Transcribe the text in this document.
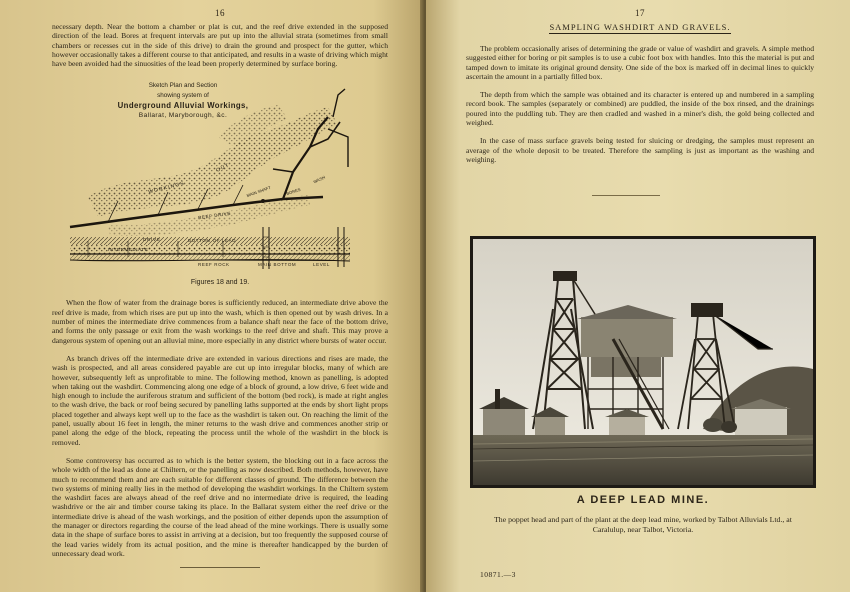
16

necessary depth. Near the bottom a chamber or plat is cut, and the reef drive extended in the supposed direction of the lead. Bores at frequent intervals are put up into the alluvial strata (sometimes from small chambers or recesses cut in the side of this drive) to drain the ground and prospect for the gutter, which however occasionally takes a different course to that anticipated, and results in a waste of driving which might have been avoided had the sinuosities of the lead been properly determined by surface boring.

Sketch Plan and Section
showing system of
Underground Alluvial Workings,
Ballarat, Maryborough, &c.
WORKINGS
OUT
REEF DRIVE
MAIN SHAFT	BORES
WASH
DRIVE	BOTTOM OF LEAD
INTERMEDIATE
REEF ROCK	MAIN BOTTOM	LEVEL
Figures 18 and 19.

When the flow of water from the drainage bores is sufficiently reduced, an intermediate drive above the reef drive is made, from which rises are put up into the wash, which is then opened out by wash drives. In a number of mines the intermediate drive commences from a balance shaft near the face of the bottom drive, and forms the only passage or exit from the wash workings to the reef drive and shaft. This may prove a dangerous system of opening out an alluvial mine, more especially in any district where bursts of water occur.

As branch drives off the intermediate drive are extended in various directions and rises are made, the wash is prospected, and all areas considered payable are cut up into irregular blocks, many of which are however, subsequently left as unprofitable to mine. The following method, known as panelling, is adopted when taking out the washdirt. Commencing along one edge of a block of ground, a low drive, 6 feet wide and high enough to include the auriferous stratum and sufficient of the bottom (bed rock), is made at right angles to the wash drive, the back or roof being secured by panelling laths supported at the ends by short light props placed together and always kept well up to the face as the washdirt is taken out. On reaching the limit of the panel, usually about 16 feet in length, the miner returns to the wash drive and commences another strip or panel along the edge of the block, repeating the process until the whole of the washdirt in the block is removed.

Some controversy has occurred as to which is the better system, the blocking out in a face across the whole width of the lead as done at Chiltern, or the panelling as now described. Both methods, however, have much to recommend them and are each suitable for different classes of ground. The difference between the two systems of mining really lies in the method of developing the washdirt workings. In the Chiltern system the washdirt faces are always ahead of the reef drive and no intermediate drive is required, the leading washdrive or the air and timber course taking its place. In the Ballarat system either the reef drive or the intermediate drive is ahead of the wash workings, and the position of either depends upon the assumption of the manager or directors regarding the course of the lead ahead of the mine workings. There is usually some data in the shape of surface bores to assist in arriving at a decision, but too frequently the supposed course of the lead varies widely from its actual position, and the mine is thereafter handicapped by the burden of unnecessary dead work.

17
SAMPLING WASHDIRT AND GRAVELS.

The problem occasionally arises of determining the grade or value of washdirt and gravels. A simple method suggested either for boring or pit samples is to use a cubic foot box with handles. Into this the material is put and tamped down to imitate its original ground density. One side of the box is marked off in decimal lines to quickly ascertain the amount in a partially filled box.

The depth from which the sample was obtained and its character is entered up and numbered in a sampling record book. The samples (separately or combined) are puddled, the inside of the box rinsed, and the drainings poured into the puddling tub. They are then cradled and washed in a miner's dish, the gold being collected and weighed.

In the case of mass surface gravels being tested for sluicing or dredging, the samples must represent an average of the whole deposit to be treated. Therefore the sampling is just as important as the washing and weighing.

A DEEP LEAD MINE.
The poppet head and part of the plant at the deep lead mine, worked by Talbot Alluvials Ltd., at Caralulup, near Talbot, Victoria.
10871.—3
